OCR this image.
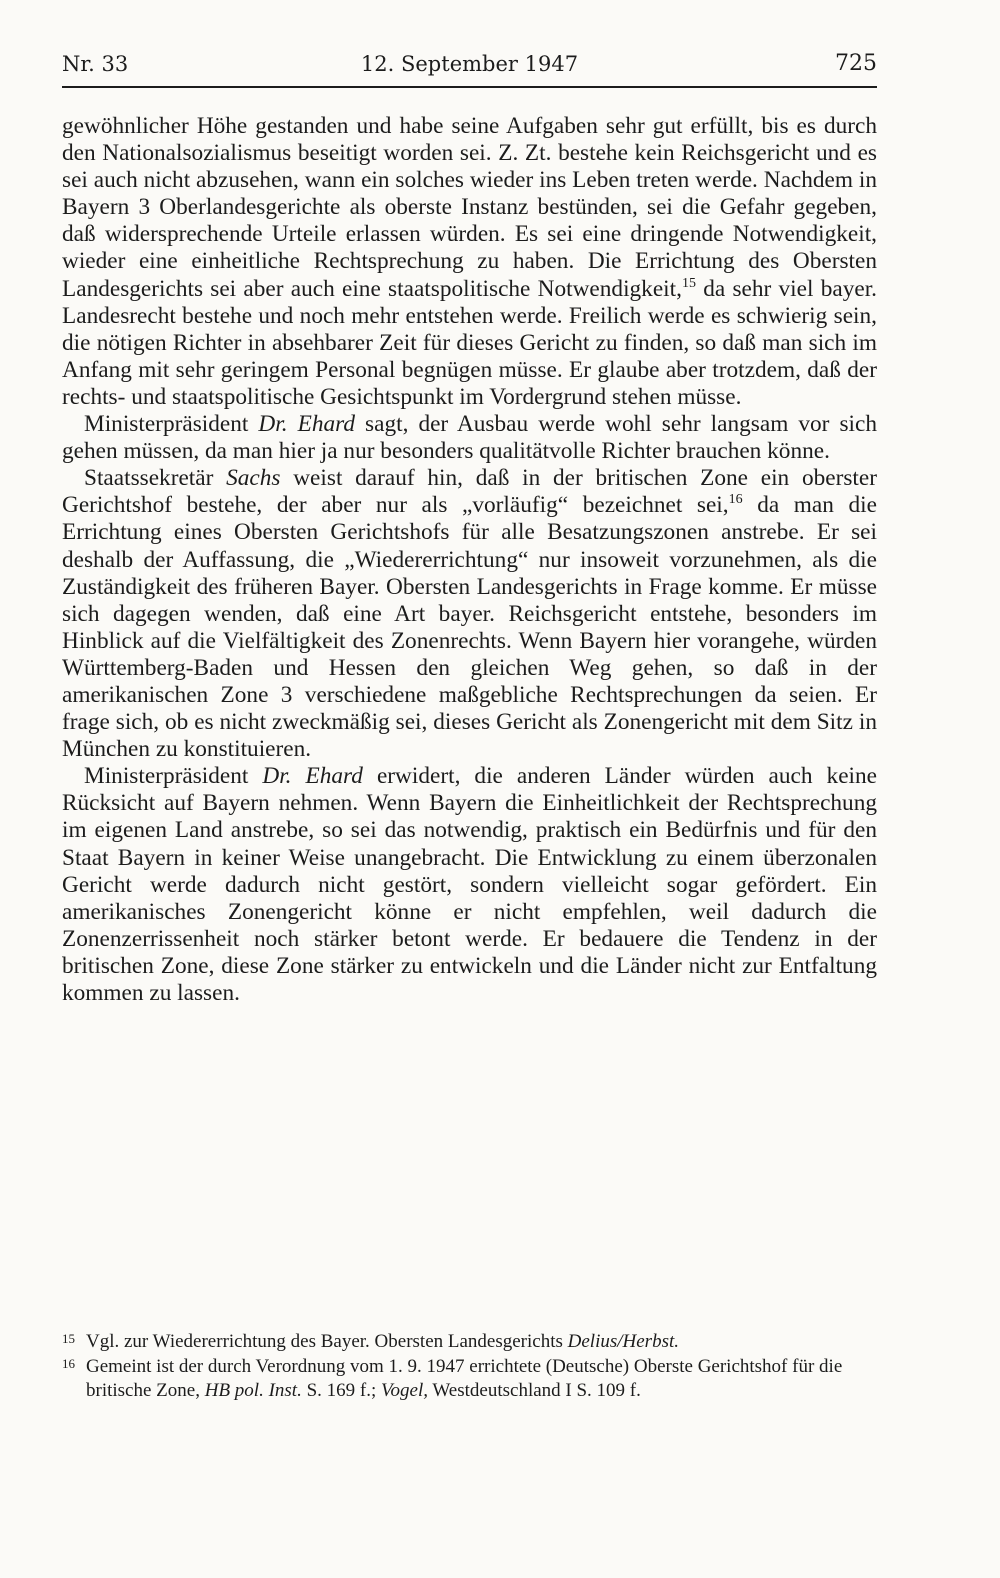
Nr. 33	12. September 1947	725

gewöhnlicher Höhe gestanden und habe seine Aufgaben sehr gut erfüllt, bis es durch den Nationalsozialismus beseitigt worden sei. Z. Zt. bestehe kein Reichsgericht und es sei auch nicht abzusehen, wann ein solches wieder ins Leben treten werde. Nachdem in Bayern 3 Oberlandesgerichte als oberste Instanz bestünden, sei die Gefahr gegeben, daß widersprechende Urteile erlassen würden. Es sei eine dringende Notwendigkeit, wieder eine einheitliche Rechtsprechung zu haben. Die Errichtung des Obersten Landesgerichts sei aber auch eine staatspolitische Notwendigkeit,$^{15}$ da sehr viel bayer. Landesrecht bestehe und noch mehr entstehen werde. Freilich werde es schwierig sein, die nötigen Richter in absehbarer Zeit für dieses Gericht zu finden, so daß man sich im Anfang mit sehr geringem Personal begnügen müsse. Er glaube aber trotzdem, daß der rechts- und staatspolitische Gesichtspunkt im Vordergrund stehen müsse.

Ministerpräsident Dr. Ehard sagt, der Ausbau werde wohl sehr langsam vor sich gehen müssen, da man hier ja nur besonders qualitätvolle Richter brauchen könne.

Staatssekretär Sachs weist darauf hin, daß in der britischen Zone ein oberster Gerichtshof bestehe, der aber nur als „vorläufig“ bezeichnet sei,$^{16}$ da man die Errichtung eines Obersten Gerichtshofs für alle Besatzungszonen anstrebe. Er sei deshalb der Auffassung, die „Wiedererrichtung“ nur insoweit vorzunehmen, als die Zuständigkeit des früheren Bayer. Obersten Landesgerichts in Frage komme. Er müsse sich dagegen wenden, daß eine Art bayer. Reichsgericht entstehe, besonders im Hinblick auf die Vielfältigkeit des Zonenrechts. Wenn Bayern hier vorangehe, würden Württemberg-Baden und Hessen den gleichen Weg gehen, so daß in der amerikanischen Zone 3 verschiedene maßgebliche Rechtsprechungen da seien. Er frage sich, ob es nicht zweckmäßig sei, dieses Gericht als Zonengericht mit dem Sitz in München zu konstituieren.

Ministerpräsident Dr. Ehard erwidert, die anderen Länder würden auch keine Rücksicht auf Bayern nehmen. Wenn Bayern die Einheitlichkeit der Rechtsprechung im eigenen Land anstrebe, so sei das notwendig, praktisch ein Bedürfnis und für den Staat Bayern in keiner Weise unangebracht. Die Entwicklung zu einem überzonalen Gericht werde dadurch nicht gestört, sondern vielleicht sogar gefördert. Ein amerikanisches Zonengericht könne er nicht empfehlen, weil dadurch die Zonenzerrissenheit noch stärker betont werde. Er bedauere die Tendenz in der britischen Zone, diese Zone stärker zu entwickeln und die Länder nicht zur Entfaltung kommen zu lassen.

15 Vgl. zur Wiedererrichtung des Bayer. Obersten Landesgerichts Delius/Herbst.
16 Gemeint ist der durch Verordnung vom 1. 9. 1947 errichtete (Deutsche) Oberste Gerichtshof für die britische Zone, HB pol. Inst. S. 169 f.; Vogel, Westdeutschland I S. 109 f.
